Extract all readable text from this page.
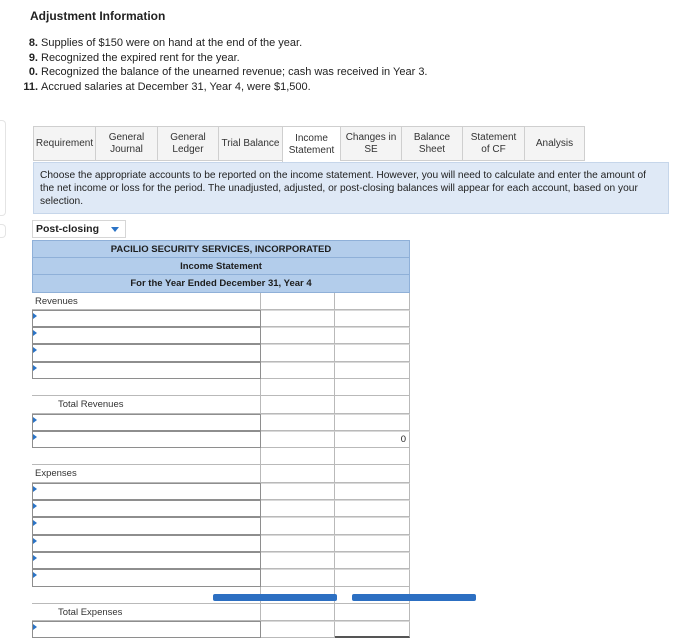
Adjustment Information
8. Supplies of $150 were on hand at the end of the year.
9. Recognized the expired rent for the year.
0. Recognized the balance of the unearned revenue; cash was received in Year 3.
11. Accrued salaries at December 31, Year 4, were $1,500.
Requirement
General
Journal
General
Ledger
Trial Balance Income
Statement
Changes in
SE
Balance
Sheet
Statement
of CF
Analysis
Choose the appropriate accounts to be reported on the income statement. However, you will need to calculate and enter the amount of the net income or loss for the period. The unadjusted, adjusted, or post-closing balances will appear for each account, based on your selection.
Post-closing
PACILIO SECURITY SERVICES, INCORPORATED
Income Statement
For the Year Ended December 31, Year 4
Revenues
Total Revenues
0
Expenses
Total Expenses
